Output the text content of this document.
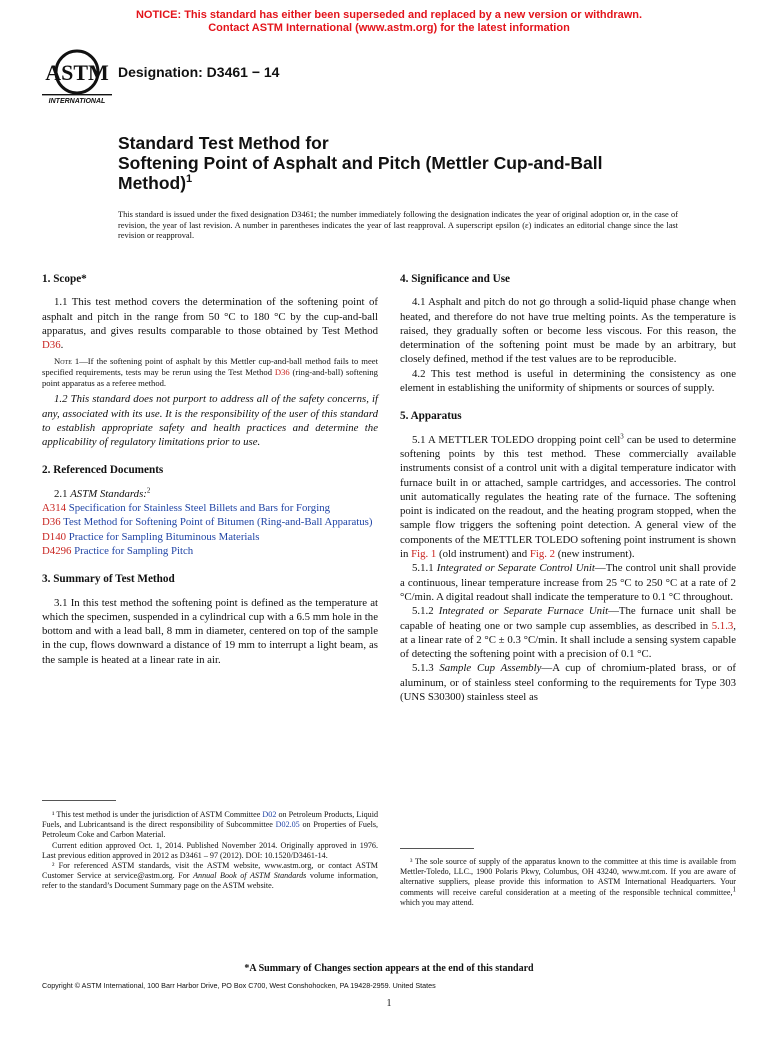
NOTICE: This standard has either been superseded and replaced by a new version or withdrawn.
Contact ASTM International (www.astm.org) for the latest information
ASTM
INTERNATIONAL
Designation: D3461 − 14
Standard Test Method for
Softening Point of Asphalt and Pitch (Mettler Cup-and-Ball
Method)$^1$
This standard is issued under the fixed designation D3461; the number immediately following the designation indicates the year of original adoption or, in the case of revision, the year of last revision. A number in parentheses indicates the year of last reapproval. A superscript epsilon (ε) indicates an editorial change since the last revision or reapproval.
1. Scope*

1.1 This test method covers the determination of the softening point of asphalt and pitch in the range from 50 °C to 180 °C by the cup-and-ball apparatus, and gives results comparable to those obtained by Test Method D36.

Note 1—If the softening point of asphalt by this Mettler cup-and-ball method fails to meet specified requirements, tests may be rerun using the Test Method D36 (ring-and-ball) softening point apparatus as a referee method.

1.2 This standard does not purport to address all of the safety concerns, if any, associated with its use. It is the responsibility of the user of this standard to establish appropriate safety and health practices and determine the applicability of regulatory limitations prior to use.

2. Referenced Documents

2.1 ASTM Standards:$^2$

A314 Specification for Stainless Steel Billets and Bars for Forging

D36 Test Method for Softening Point of Bitumen (Ring-and-Ball Apparatus)

D140 Practice for Sampling Bituminous Materials

D4296 Practice for Sampling Pitch

3. Summary of Test Method

3.1 In this test method the softening point is defined as the temperature at which the specimen, suspended in a cylindrical cup with a 6.5 mm hole in the bottom and with a lead ball, 8 mm in diameter, centered on top of the sample in the cup, flows downward a distance of 19 mm to interrupt a light beam, as the sample is heated at a linear rate in air.

4. Significance and Use

4.1 Asphalt and pitch do not go through a solid-liquid phase change when heated, and therefore do not have true melting points. As the temperature is raised, they gradually soften or become less viscous. For this reason, the determination of the softening point must be made by an arbitrary, but closely defined, method if the test values are to be reproducible.

4.2 This test method is useful in determining the consistency as one element in establishing the uniformity of shipments or sources of supply.

5. Apparatus

5.1 A METTLER TOLEDO dropping point cell$^3$ can be used to determine softening points by this test method. These commercially available instruments consist of a control unit with a digital temperature indicator with furnace built in or attached, sample cartridges, and accessories. The control unit automatically regulates the heating rate of the furnace. The softening point is indicated on the readout, and the heating program stopped, when the sample flow triggers the softening point detection. A general view of the components of the METTLER TOLEDO softening point instrument is shown in Fig. 1 (old instrument) and Fig. 2 (new instrument).

5.1.1 Integrated or Separate Control Unit—The control unit shall provide a continuous, linear temperature increase from 25 °C to 250 °C at a rate of 2 °C/min. A digital readout shall indicate the temperature to 0.1 °C throughout.

5.1.2 Integrated or Separate Furnace Unit—The furnace unit shall be capable of heating one or two sample cup assemblies, as described in 5.1.3, at a linear rate of 2 °C ± 0.3 °C/min. It shall include a sensing system capable of detecting the softening point with a precision of 0.1 °C.

5.1.3 Sample Cup Assembly—A cup of chromium-plated brass, or of aluminum, or of stainless steel conforming to the requirements for Type 303 (UNS S30300) stainless steel as

¹ This test method is under the jurisdiction of ASTM Committee D02 on Petroleum Products, Liquid Fuels, and Lubricantsand is the direct responsibility of Subcommittee D02.05 on Properties of Fuels, Petroleum Coke and Carbon Material.

Current edition approved Oct. 1, 2014. Published November 2014. Originally approved in 1976. Last previous edition approved in 2012 as D3461 – 97 (2012). DOI: 10.1520/D3461-14.

² For referenced ASTM standards, visit the ASTM website, www.astm.org, or contact ASTM Customer Service at service@astm.org. For Annual Book of ASTM Standards volume information, refer to the standard’s Document Summary page on the ASTM website.

³ The sole source of supply of the apparatus known to the committee at this time is available from Mettler-Toledo, LLC., 1900 Polaris Pkwy, Columbus, OH 43240, www.mt.com. If you are aware of alternative suppliers, please provide this information to ASTM International Headquarters. Your comments will receive careful consideration at a meeting of the responsible technical committee,$^1$ which you may attend.

*A Summary of Changes section appears at the end of this standard
Copyright © ASTM International, 100 Barr Harbor Drive, PO Box C700, West Conshohocken, PA 19428-2959. United States
1
